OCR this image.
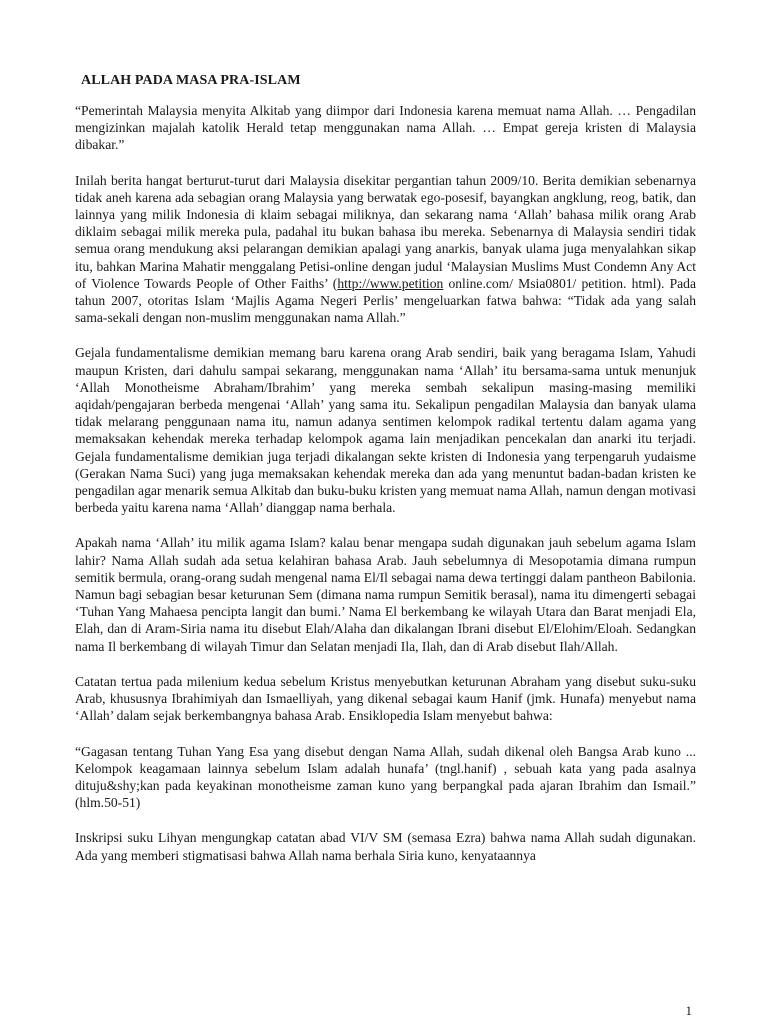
ALLAH PADA MASA PRA-ISLAM

“Pemerintah Malaysia menyita Alkitab yang diimpor dari Indonesia karena memuat nama Allah. … Pengadilan mengizinkan majalah katolik Herald tetap menggunakan nama Allah. … Empat gereja kristen di Malaysia dibakar.”

Inilah berita hangat berturut-turut dari Malaysia disekitar pergantian tahun 2009/10. Berita demikian sebenarnya tidak aneh karena ada sebagian orang Malaysia yang berwatak ego-posesif, bayangkan angklung, reog, batik, dan lainnya yang milik Indonesia di klaim sebagai miliknya, dan sekarang nama ‘Allah’ bahasa milik orang Arab diklaim sebagai milik mereka pula, padahal itu bukan bahasa ibu mereka. Sebenarnya di Malaysia sendiri tidak semua orang mendukung aksi pelarangan demikian apalagi yang anarkis, banyak ulama juga menyalahkan sikap itu, bahkan Marina Mahatir menggalang Petisi-online dengan judul ‘Malaysian Muslims Must Condemn Any Act of Violence Towards People of Other Faiths’ (http://www.petition online.com/ Msia0801/ petition. html). Pada tahun 2007, otoritas Islam ‘Majlis Agama Negeri Perlis’ mengeluarkan fatwa bahwa: “Tidak ada yang salah sama-sekali dengan non-muslim menggunakan nama Allah.”

Gejala fundamentalisme demikian memang baru karena orang Arab sendiri, baik yang beragama Islam, Yahudi maupun Kristen, dari dahulu sampai sekarang, menggunakan nama ‘Allah’ itu bersama-sama untuk menunjuk ‘Allah Monotheisme Abraham/Ibrahim’ yang mereka sembah sekalipun masing-masing memiliki aqidah/pengajaran berbeda mengenai ‘Allah’ yang sama itu. Sekalipun pengadilan Malaysia dan banyak ulama tidak melarang penggunaan nama itu, namun adanya sentimen kelompok radikal tertentu dalam agama yang memaksakan kehendak mereka terhadap kelompok agama lain menjadikan pencekalan dan anarki itu terjadi. Gejala fundamentalisme demikian juga terjadi dikalangan sekte kristen di Indonesia yang terpengaruh yudaisme (Gerakan Nama Suci) yang juga memaksakan kehendak mereka dan ada yang menuntut badan-badan kristen ke pengadilan agar menarik semua Alkitab dan buku-buku kristen yang memuat nama Allah, namun dengan motivasi berbeda yaitu karena nama ‘Allah’ dianggap nama berhala.

Apakah nama ‘Allah’ itu milik agama Islam? kalau benar mengapa sudah digunakan jauh sebelum agama Islam lahir? Nama Allah sudah ada setua kelahiran bahasa Arab. Jauh sebelumnya di Mesopotamia dimana rumpun semitik bermula, orang-orang sudah mengenal nama El/Il sebagai nama dewa tertinggi dalam pantheon Babilonia. Namun bagi sebagian besar keturunan Sem (dimana nama rumpun Semitik berasal), nama itu dimengerti sebagai ‘Tuhan Yang Mahaesa pencipta langit dan bumi.’ Nama El berkembang ke wilayah Utara dan Barat menjadi Ela, Elah, dan di Aram-Siria nama itu disebut Elah/Alaha dan dikalangan Ibrani disebut El/Elohim/Eloah. Sedangkan nama Il berkembang di wilayah Timur dan Selatan menjadi Ila, Ilah, dan di Arab disebut Ilah/Allah.

Catatan tertua pada milenium kedua sebelum Kristus menyebutkan keturunan Abraham yang disebut suku-suku Arab, khususnya Ibrahimiyah dan Ismaelliyah, yang dikenal sebagai kaum Hanif (jmk. Hunafa) menyebut nama ‘Allah’ dalam sejak berkembangnya bahasa Arab. Ensiklopedia Islam menyebut bahwa:

“Gagasan tentang Tuhan Yang Esa yang disebut dengan Nama Allah, sudah dikenal oleh Bangsa Arab kuno ... Kelompok keagamaan lainnya sebelum Islam adalah hunafa’ (tngl.hanif) , sebuah kata yang pada asalnya dituju&shy;kan pada keyakinan monotheisme zaman kuno yang berpangkal pada ajaran Ibrahim dan Ismail.” (hlm.50-51)

Inskripsi suku Lihyan mengungkap catatan abad VI/V SM (semasa Ezra) bahwa nama Allah sudah digunakan. Ada yang memberi stigmatisasi bahwa Allah nama berhala Siria kuno, kenyataannya

1
